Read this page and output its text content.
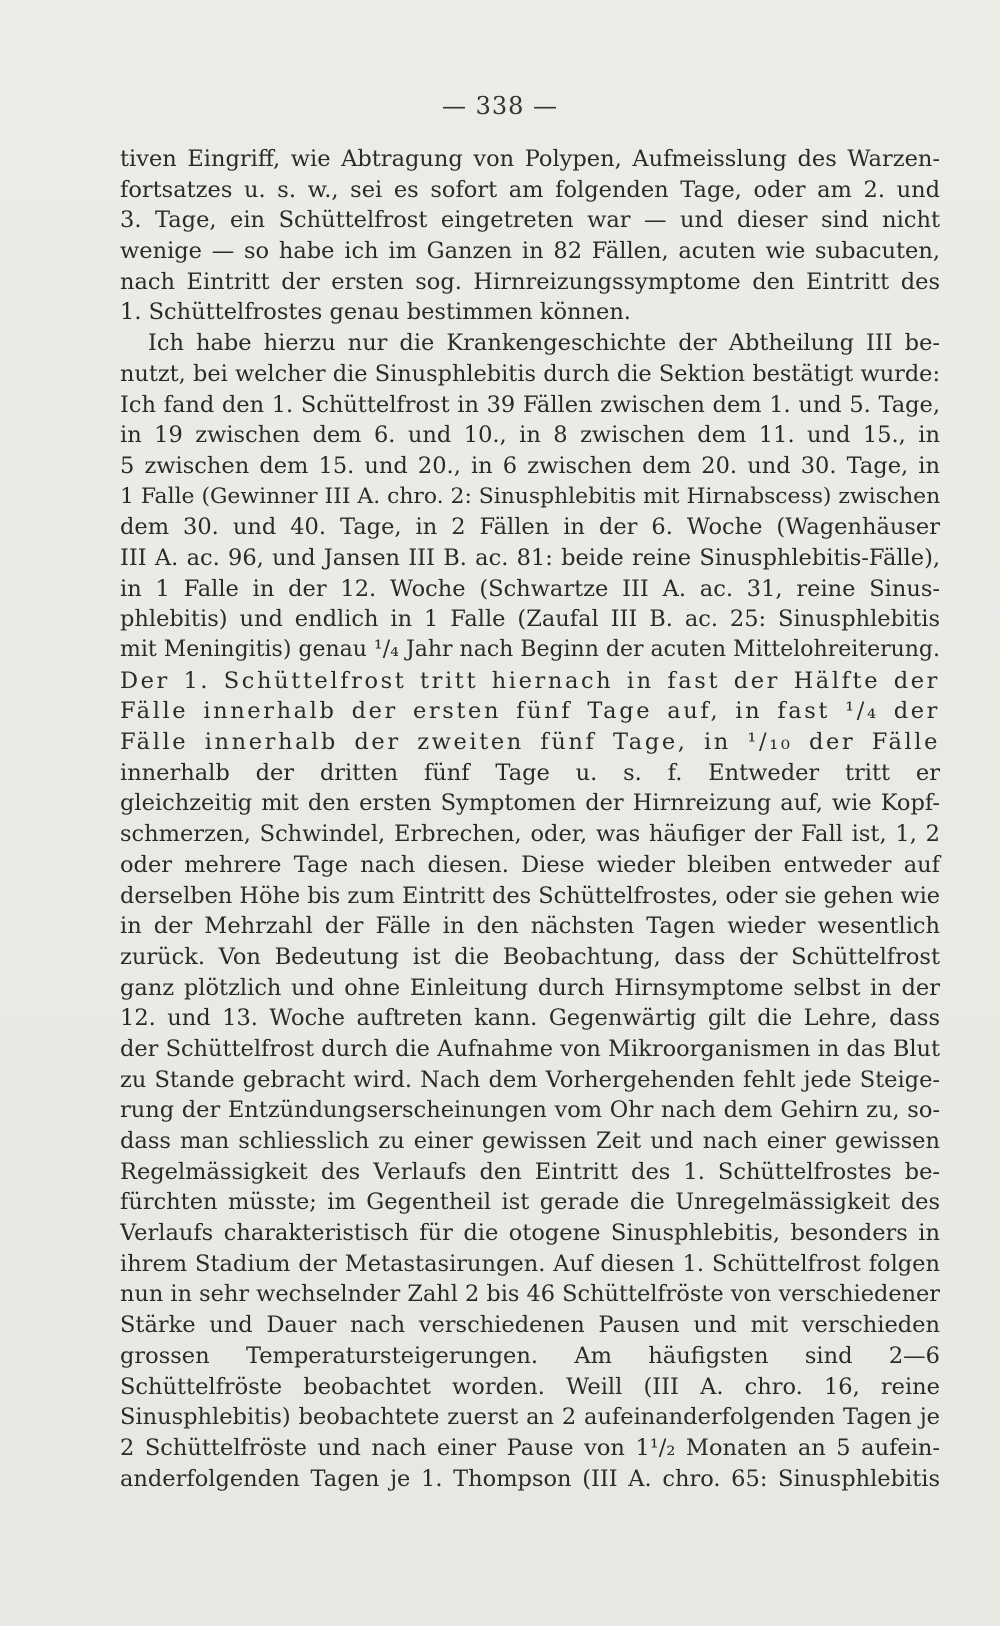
— 338 —
tiven Eingriff, wie Abtragung von Polypen, Aufmeisslung des Warzen-
fortsatzes u. s. w., sei es sofort am folgenden Tage, oder am 2. und
3. Tage, ein Schüttelfrost eingetreten war — und dieser sind nicht
wenige — so habe ich im Ganzen in 82 Fällen, acuten wie subacuten,
nach Eintritt der ersten sog. Hirnreizungssymptome den Eintritt des
1. Schüttelfrostes genau bestimmen können.
Ich habe hierzu nur die Krankengeschichte der Abtheilung III be-
nutzt, bei welcher die Sinusphlebitis durch die Sektion bestätigt wurde:
Ich fand den 1. Schüttelfrost in 39 Fällen zwischen dem 1. und 5. Tage,
in 19 zwischen dem 6. und 10., in 8 zwischen dem 11. und 15., in
5 zwischen dem 15. und 20., in 6 zwischen dem 20. und 30. Tage, in
1 Falle (Gewinner III A. chro. 2: Sinusphlebitis mit Hirnabscess) zwischen
dem 30. und 40. Tage, in 2 Fällen in der 6. Woche (Wagenhäuser
III A. ac. 96, und Jansen III B. ac. 81: beide reine Sinusphlebitis-Fälle),
in 1 Falle in der 12. Woche (Schwartze III A. ac. 31, reine Sinus-
phlebitis) und endlich in 1 Falle (Zaufal III B. ac. 25: Sinusphlebitis
mit Meningitis) genau ¹/₄ Jahr nach Beginn der acuten Mittelohreiterung.
Der 1. Schüttelfrost tritt hiernach in fast der Hälfte der
Fälle innerhalb der ersten fünf Tage auf, in fast ¹/₄ der
Fälle innerhalb der zweiten fünf Tage, in ¹/₁₀ der Fälle
innerhalb der dritten fünf Tage u. s. f. Entweder tritt er
gleichzeitig mit den ersten Symptomen der Hirnreizung auf, wie Kopf-
schmerzen, Schwindel, Erbrechen, oder, was häufiger der Fall ist, 1, 2
oder mehrere Tage nach diesen. Diese wieder bleiben entweder auf
derselben Höhe bis zum Eintritt des Schüttelfrostes, oder sie gehen wie
in der Mehrzahl der Fälle in den nächsten Tagen wieder wesentlich
zurück. Von Bedeutung ist die Beobachtung, dass der Schüttelfrost
ganz plötzlich und ohne Einleitung durch Hirnsymptome selbst in der
12. und 13. Woche auftreten kann. Gegenwärtig gilt die Lehre, dass
der Schüttelfrost durch die Aufnahme von Mikroorganismen in das Blut
zu Stande gebracht wird. Nach dem Vorhergehenden fehlt jede Steige-
rung der Entzündungserscheinungen vom Ohr nach dem Gehirn zu, so-
dass man schliesslich zu einer gewissen Zeit und nach einer gewissen
Regelmässigkeit des Verlaufs den Eintritt des 1. Schüttelfrostes be-
fürchten müsste; im Gegentheil ist gerade die Unregelmässigkeit des
Verlaufs charakteristisch für die otogene Sinusphlebitis, besonders in
ihrem Stadium der Metastasirungen. Auf diesen 1. Schüttelfrost folgen
nun in sehr wechselnder Zahl 2 bis 46 Schüttelfröste von verschiedener
Stärke und Dauer nach verschiedenen Pausen und mit verschieden
grossen Temperatursteigerungen. Am häufigsten sind 2—6
Schüttelfröste beobachtet worden. Weill (III A. chro. 16, reine
Sinusphlebitis) beobachtete zuerst an 2 aufeinanderfolgenden Tagen je
2 Schüttelfröste und nach einer Pause von 1¹/₂ Monaten an 5 aufein-
anderfolgenden Tagen je 1. Thompson (III A. chro. 65: Sinusphlebitis
